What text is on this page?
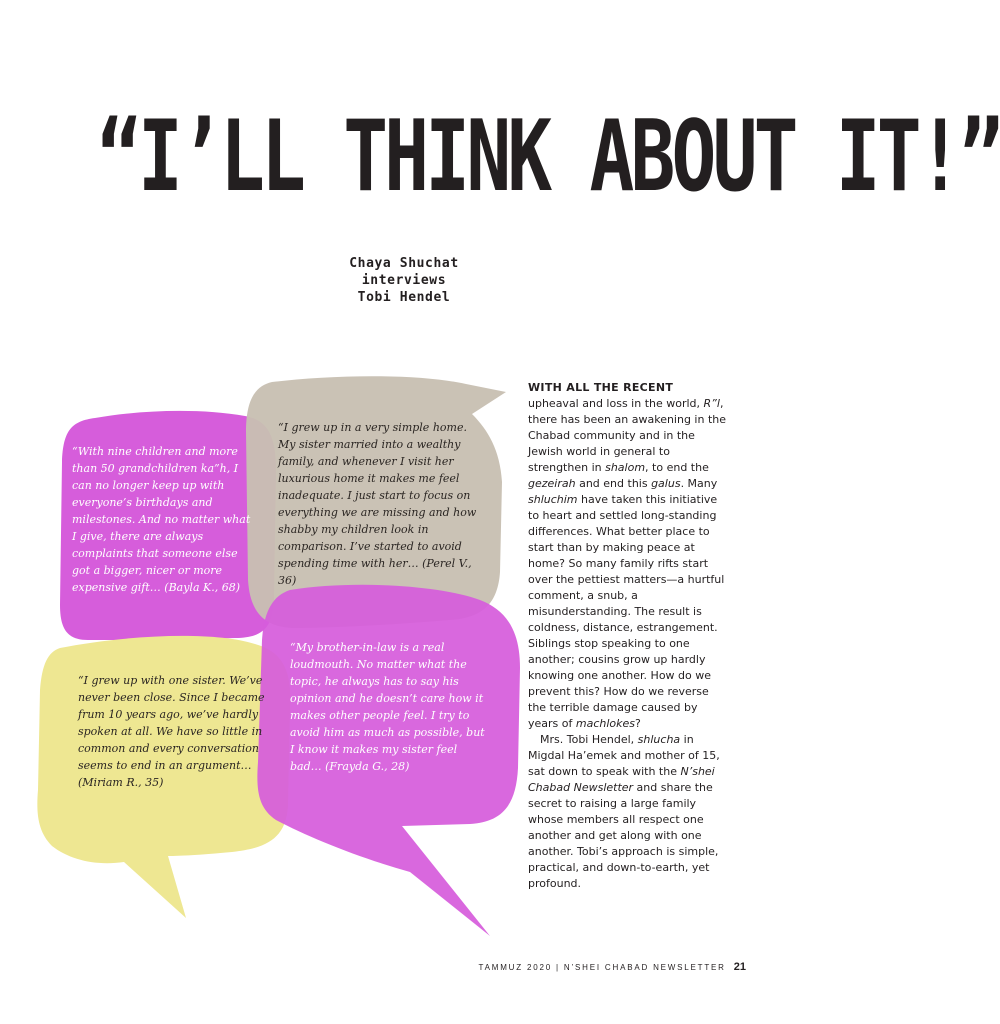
“I’LL THINK ABOUT IT!”
Chaya Shuchat
interviews
Tobi Hendel

“With nine children and more than 50 grandchildren ka”h, I can no longer keep up with everyone’s birthdays and milestones. And no matter what I give, there are always complaints that someone else got a bigger, nicer or more expensive gift… (Bayla K., 68)

“I grew up in a very simple home. My sister married into a wealthy family, and whenever I visit her luxurious home it makes me feel inadequate. I just start to focus on everything we are missing and how shabby my children look in comparison. I’ve started to avoid spending time with her… (Perel V., 36)

“I grew up with one sister. We’ve never been close. Since I became frum 10 years ago, we’ve hardly spoken at all. We have so little in common and every conversation seems to end in an argument… (Miriam R., 35)

“My brother-in-law is a real loudmouth. No matter what the topic, he always has to say his opinion and he doesn’t care how it makes other people feel. I try to avoid him as much as possible, but I know it makes my sister feel bad… (Frayda G., 28)

WITH ALL THE RECENT
upheaval and loss in the world, R”l, there has been an awakening in the Chabad community and in the Jewish world in general to strengthen in shalom, to end the gezeirah and end this galus. Many shluchim have taken this initiative to heart and settled long-standing differences. What better place to start than by making peace at home? So many family rifts start over the pettiest matters—a hurtful comment, a snub, a misunderstanding. The result is coldness, distance, estrangement. Siblings stop speaking to one another; cousins grow up hardly knowing one another. How do we prevent this? How do we reverse the terrible damage caused by years of machlokes?

Mrs. Tobi Hendel, shlucha in Migdal Ha’emek and mother of 15, sat down to speak with the N’shei Chabad Newsletter and share the secret to raising a large family whose members all respect one another and get along with one another. Tobi’s approach is simple, practical, and down-to-earth, yet profound.

TAMMUZ 2020 | N’SHEI CHABAD NEWSLETTER 21
